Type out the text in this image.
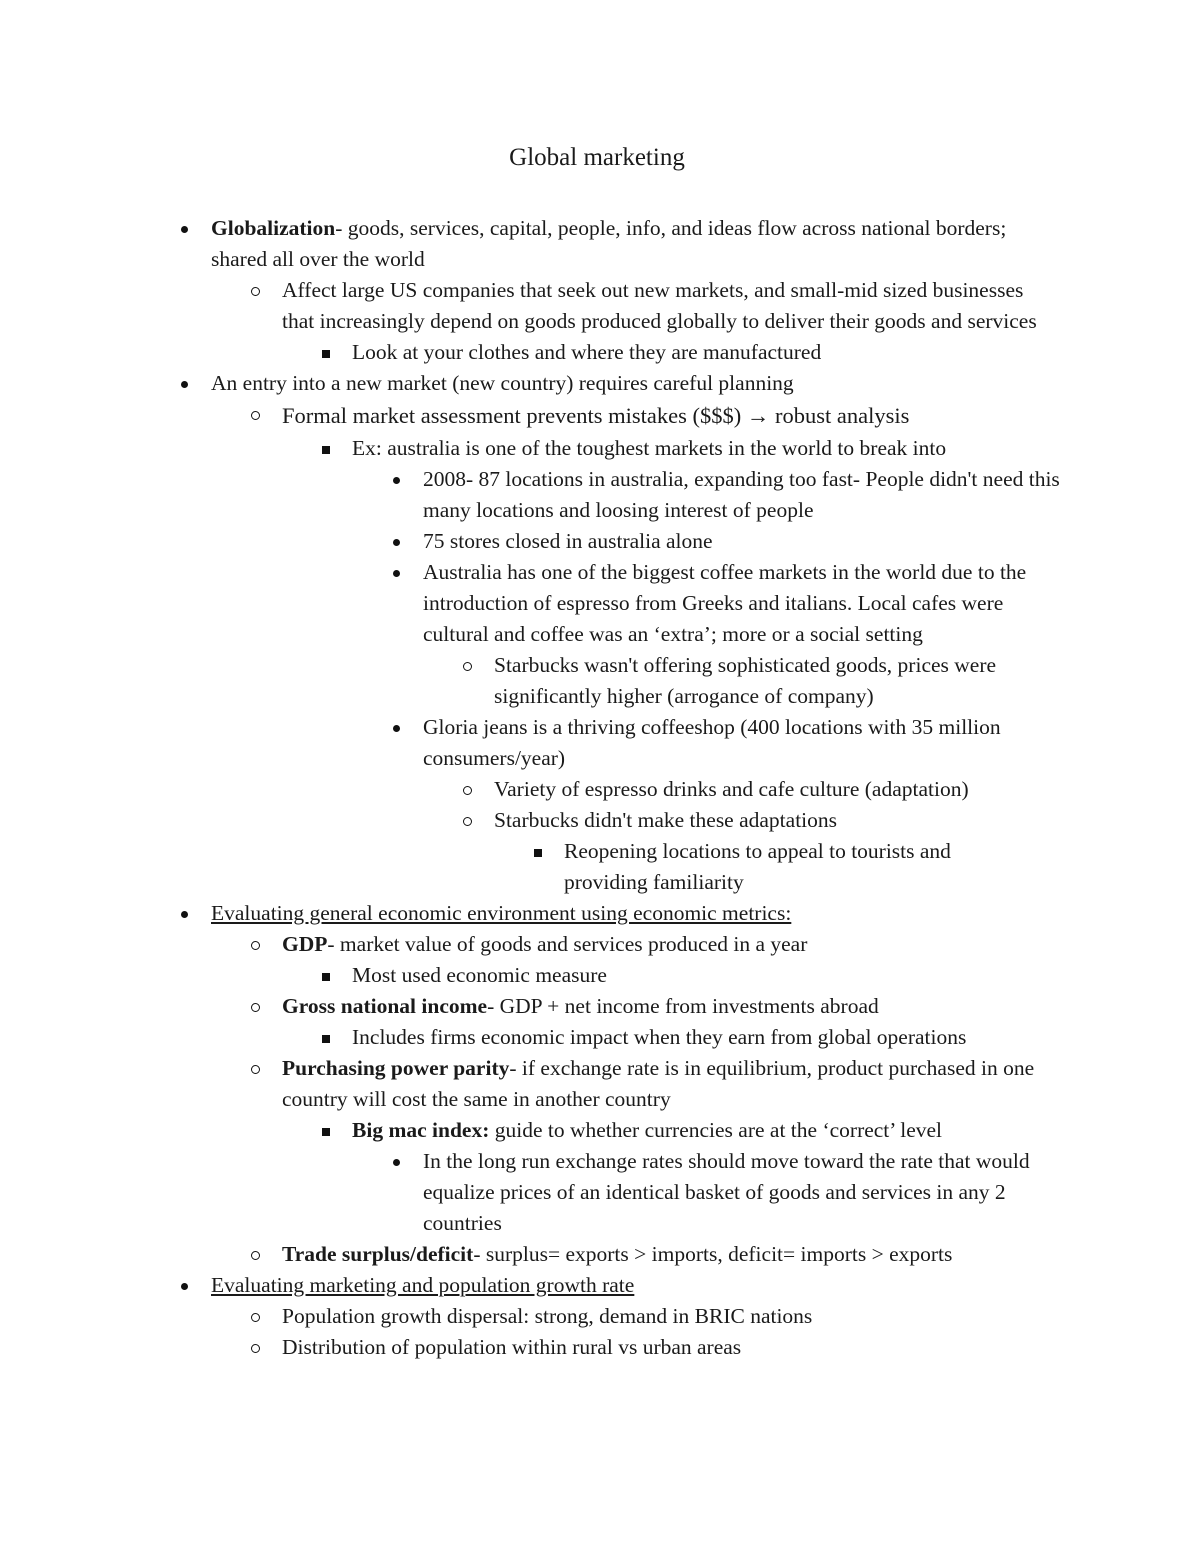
Global marketing
Globalization- goods, services, capital, people, info, and ideas flow across national borders; shared all over the world
Affect large US companies that seek out new markets, and small-mid sized businesses that increasingly depend on goods produced globally to deliver their goods and services
Look at your clothes and where they are manufactured
An entry into a new market (new country) requires careful planning
Formal market assessment prevents mistakes ($$$) → robust analysis
Ex: australia is one of the toughest markets in the world to break into
2008- 87 locations in australia, expanding too fast- People didn't need this many locations and loosing interest of people
75 stores closed in australia alone
Australia has one of the biggest coffee markets in the world due to the introduction of espresso from Greeks and italians. Local cafes were cultural and coffee was an ‘extra’; more or a social setting
Starbucks wasn't offering sophisticated goods, prices were significantly higher (arrogance of company)
Gloria jeans is a thriving coffeeshop (400 locations with 35 million consumers/year)
Variety of espresso drinks and cafe culture (adaptation)
Starbucks didn't make these adaptations
Reopening locations to appeal to tourists and providing familiarity
Evaluating general economic environment using economic metrics:
GDP- market value of goods and services produced in a year
Most used economic measure
Gross national income- GDP + net income from investments abroad
Includes firms economic impact when they earn from global operations
Purchasing power parity- if exchange rate is in equilibrium, product purchased in one country will cost the same in another country
Big mac index: guide to whether currencies are at the ‘correct’ level
In the long run exchange rates should move toward the rate that would equalize prices of an identical basket of goods and services in any 2 countries
Trade surplus/deficit- surplus= exports > imports, deficit= imports > exports
Evaluating marketing and population growth rate
Population growth dispersal: strong, demand in BRIC nations
Distribution of population within rural vs urban areas
